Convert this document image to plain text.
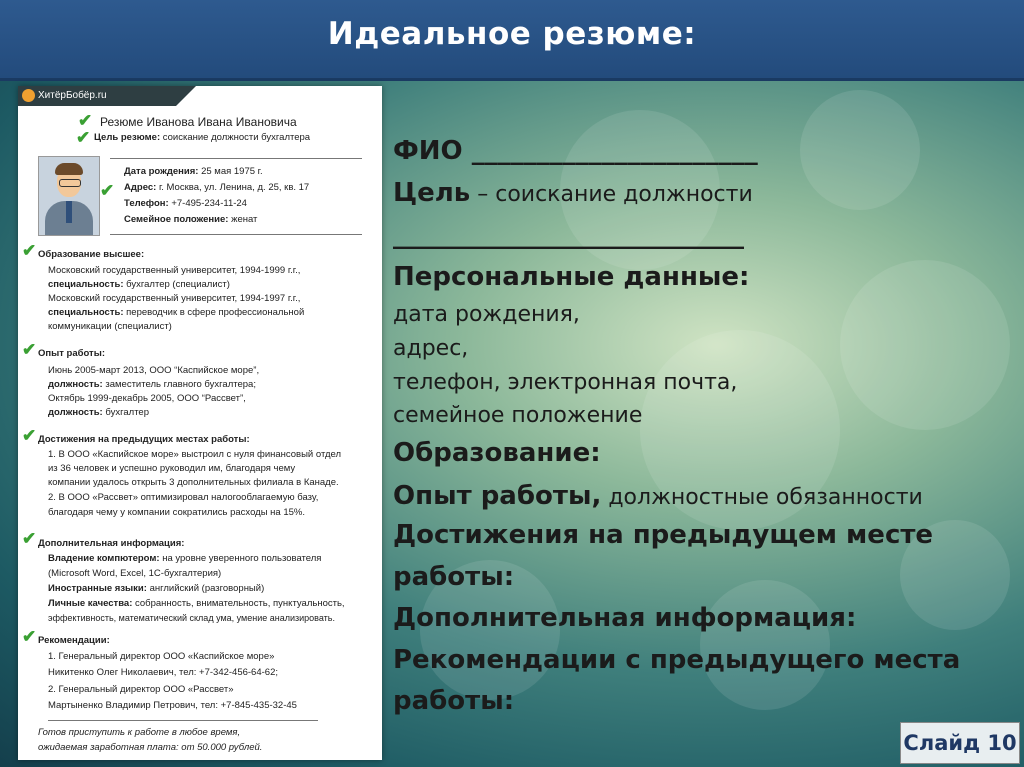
Идеальное резюме:
ХитёрБобёр.ru
✔ Резюме Иванова Ивана Ивановича
✔ Цель резюме: соискание должности бухгалтера
✔
Дата рождения: 25 мая 1975 г.
Адрес: г. Москва, ул. Ленина, д. 25, кв. 17
Телефон: +7-495-234-11-24
Семейное положение: женат
✔ Образование высшее:
Московский государственный университет, 1994-1999 г.г.,
специальность: бухгалтер (специалист)
Московский государственный университет, 1994-1997 г.г.,
специальность: переводчик в сфере профессиональной
коммуникации (специалист)
✔ Опыт работы:
Июнь 2005-март 2013, ООО “Каспийское море”,
должность: заместитель главного бухгалтера;
Октябрь 1999-декабрь 2005, ООО “Рассвет”,
должность: бухгалтер
✔ Достижения на предыдущих местах работы:
1. В ООО «Каспийское море» выстроил с нуля финансовый отдел
из 36 человек и успешно руководил им, благодаря чему
компании удалось открыть 3 дополнительных филиала в Канаде.
2. В ООО «Рассвет» оптимизировал налогооблагаемую базу,
благодаря чему у компании сократились расходы на 15%.
✔ Дополнительная информация:
Владение компютером: на уровне уверенного пользователя
(Microsoft Word, Exсel, 1С-бухгалтерия)
Иностранные языки: английский (разговорный)
Личные качества: собранность, внимательность, пунктуальность,
эффективность, математический склад ума, умение анализировать.
✔ Рекомендации:
1. Генеральный директор ООО «Каспийское море»
Никитенко Олег Николаевич, тел: +7-342-456-64-62;
2. Генеральный директор ООО «Рассвет»
Мартыненко Владимир Петрович, тел: +7-845-435-32-45
Готов приступить к работе в любое время,
ожидаемая заработная плата: от 50.000 рублей.
ФИО ______________________
Цель – соискание должности
___________________________
Персональные данные:
дата рождения,
адрес,
телефон, электронная почта,
семейное положение
Образование:
Опыт работы, должностные обязанности
Достижения на предыдущем месте
работы:
Дополнительная информация:
Рекомендации с предыдущего места
работы:
Слайд 10
